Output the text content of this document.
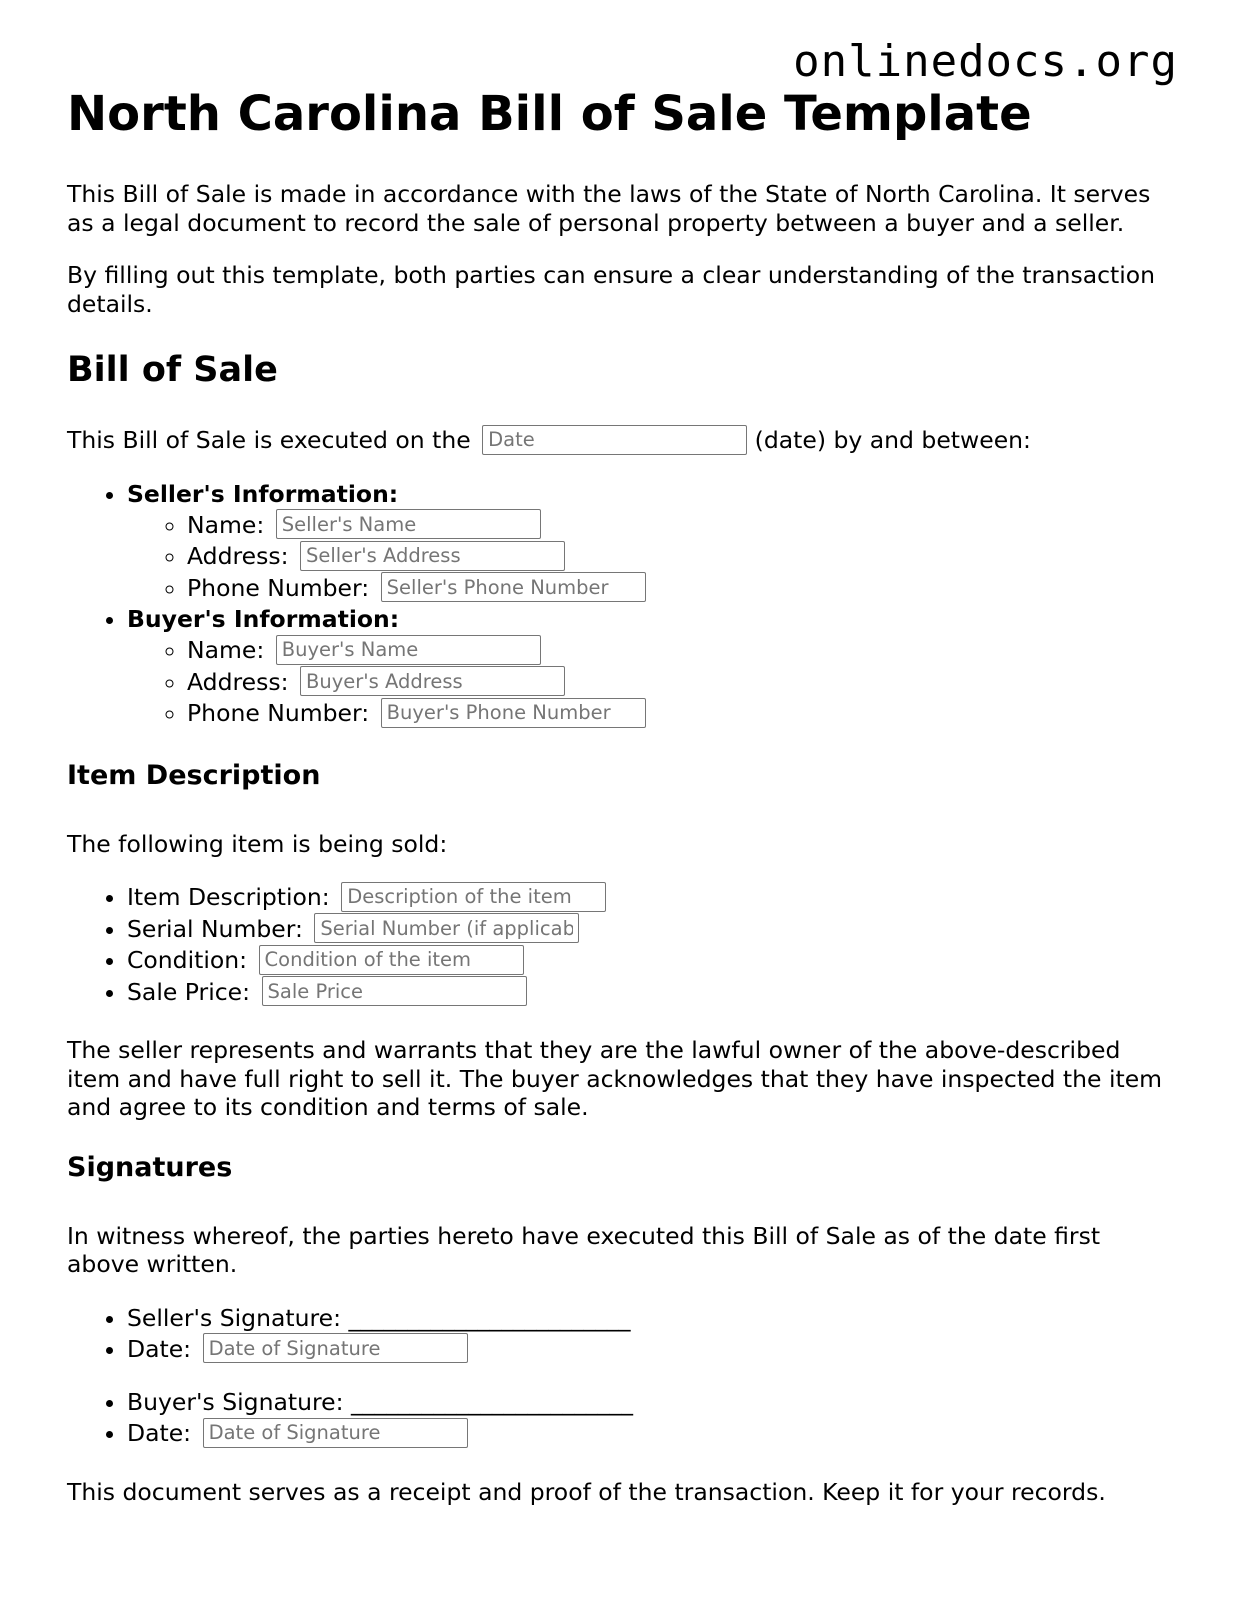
onlinedocs.org
North Carolina Bill of Sale Template

This Bill of Sale is made in accordance with the laws of the State of North Carolina. It serves as a legal document to record the sale of personal property between a buyer and a seller.

By filling out this template, both parties can ensure a clear understanding of the transaction details.

Bill of Sale

This Bill of Sale is executed on the Date	(date) by and between:

• Seller's Information:
◦ Name: Seller's Name
◦ Address: Seller's Address
◦ Phone Number: Seller's Phone Number
• Buyer's Information:
◦ Name: Buyer's Name
◦ Address: Buyer's Address
◦ Phone Number: Buyer's Phone Number
Item Description

The following item is being sold:

• Item Description: Description of the item
• Serial Number: Serial Number (if applicable)
• Condition: Condition of the item
• Sale Price: Sale Price

The seller represents and warrants that they are the lawful owner of the above-described item and have full right to sell it. The buyer acknowledges that they have inspected the item and agree to its condition and terms of sale.

Signatures

In witness whereof, the parties hereto have executed this Bill of Sale as of the date first above written.

• Seller's Signature: ________________________
• Date: Date of Signature
• Buyer's Signature: ________________________
• Date: Date of Signature

This document serves as a receipt and proof of the transaction. Keep it for your records.
